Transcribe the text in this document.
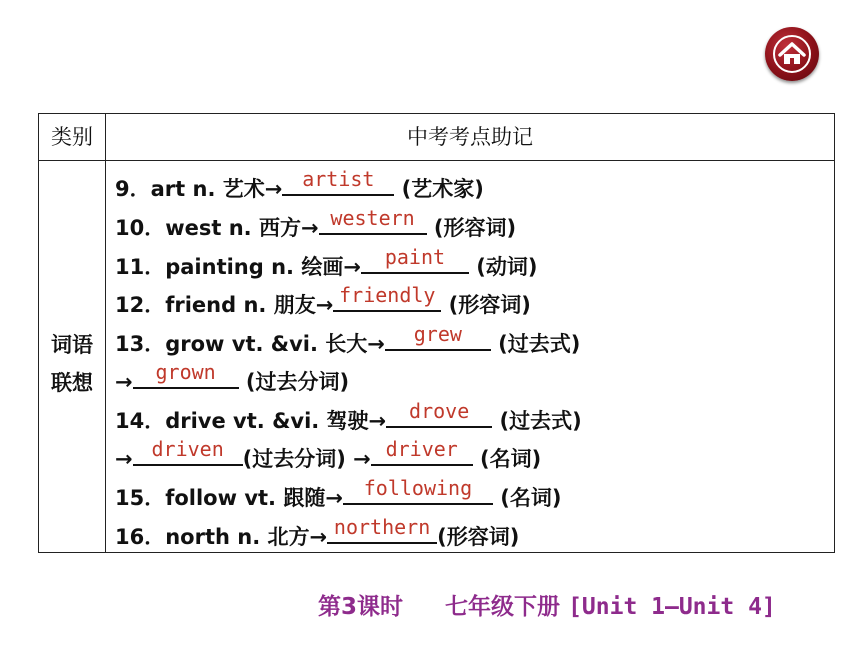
类别	中考考点助记
词语
联想
9．art n. 艺术→ artist (艺术家)
10．west n. 西方→ western (形容词)
11．painting n. 绘画→	paint	(动词)
12．friend n. 朋友→ friendly (形容词)
13．grow vt. &vi. 长大→	grew	(过去式)
→	grown	(过去分词)
14．drive vt. &vi. 驾驶→	drove	(过去式)
→ driven (过去分词) → driver (名词)
15．follow vt. 跟随→	following (名词)
16．north n. 北方→ northern (形容词)
第3课时 七年级下册 [Unit 1—Unit 4]
